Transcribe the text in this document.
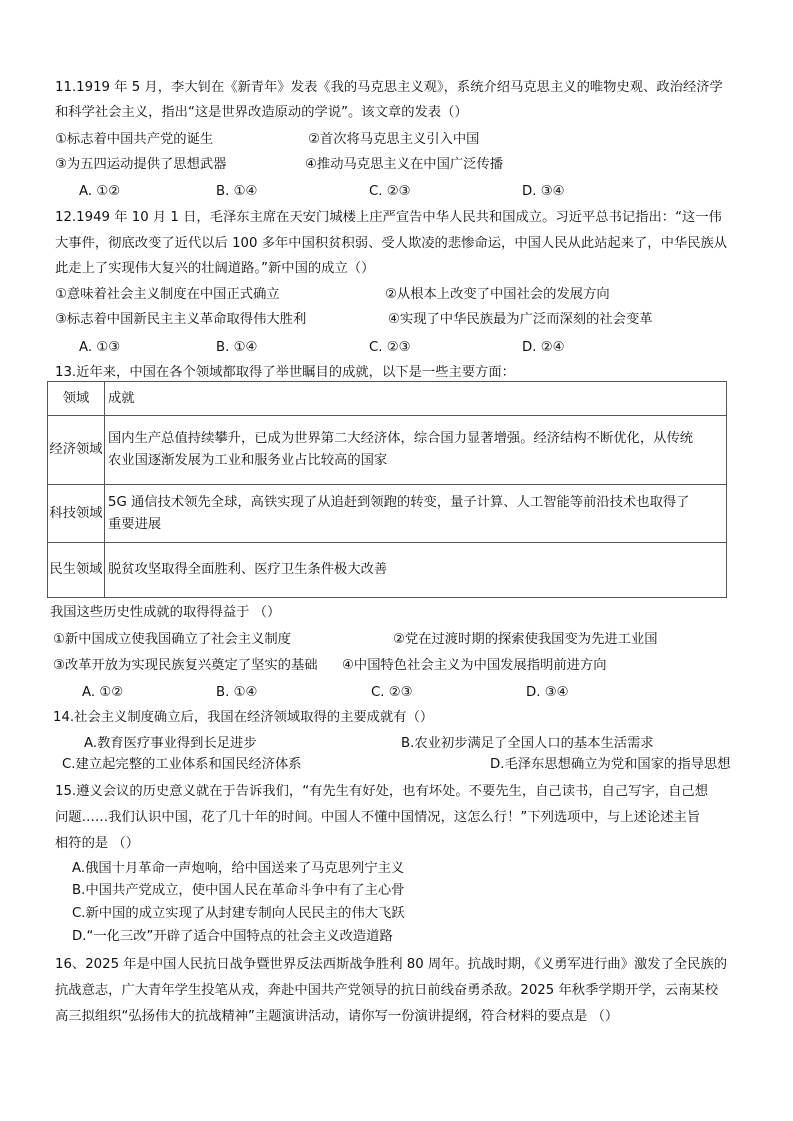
11.1919 年 5 月，李大钊在《新青年》发表《我的马克思主义观》，系统介绍马克思主义的唯物史观、政治经济学

和科学社会主义，指出“这是世界改造原动的学说”。该文章的发表（）

①标志着中国共产党的诞生	②首次将马克思主义引入中国
③为五四运动提供了思想武器	④推动马克思主义在中国广泛传播
A. ①②	B. ①④	C. ②③	D. ③④

12.1949 年 10 月 1 日，毛泽东主席在天安门城楼上庄严宣告中华人民共和国成立。习近平总书记指出：“这一伟

大事件，彻底改变了近代以后 100 多年中国积贫积弱、受人欺凌的悲惨命运，中国人民从此站起来了，中华民族从

此走上了实现伟大复兴的壮阔道路。”新中国的成立（）

①意味着社会主义制度在中国正式确立	②从根本上改变了中国社会的发展方向
③标志着中国新民主主义革命取得伟大胜利	④实现了中华民族最为广泛而深刻的社会变革
A. ①③	B. ①④	C. ②③	D. ②④

13.近年来，中国在各个领域都取得了举世瞩目的成就，以下是一些主要方面：

领域	成就
经济领域	国内生产总值持续攀升，已成为世界第二大经济体，综合国力显著增强。经济结构不断优化，从传统
农业国逐渐发展为工业和服务业占比较高的国家

科技领域	5G 通信技术领先全球，高铁实现了从追赶到领跑的转变，量子计算、人工智能等前沿技术也取得了
重要进展

民生领域	脱贫攻坚取得全面胜利、医疗卫生条件极大改善

我国这些历史性成就的取得得益于 （）

①新中国成立使我国确立了社会主义制度	②党在过渡时期的探索使我国变为先进工业国
③改革开放为实现民族复兴奠定了坚实的基础 ④中国特色社会主义为中国发展指明前进方向
A. ①②	B. ①④	C. ②③	D. ③④

14.社会主义制度确立后，我国在经济领域取得的主要成就有（）

A.教育医疗事业得到长足进步	B.农业初步满足了全国人口的基本生活需求
C.建立起完整的工业体系和国民经济体系	D.毛泽东思想确立为党和国家的指导思想

15.遵义会议的历史意义就在于告诉我们，“有先生有好处，也有坏处。不要先生，自己读书，自己写字，自己想

问题……我们认识中国，花了几十年的时间。中国人不懂中国情况，这怎么行！”下列选项中，与上述论述主旨

相符的是 （）

A.俄国十月革命一声炮响，给中国送来了马克思列宁主义

B.中国共产党成立，使中国人民在革命斗争中有了主心骨

C.新中国的成立实现了从封建专制向人民民主的伟大飞跃

D.“一化三改”开辟了适合中国特点的社会主义改造道路

16、2025 年是中国人民抗日战争暨世界反法西斯战争胜利 80 周年。抗战时期，《义勇军进行曲》激发了全民族的

抗战意志，广大青年学生投笔从戎，奔赴中国共产党领导的抗日前线奋勇杀敌。2025 年秋季学期开学，云南某校

高三拟组织“弘扬伟大的抗战精神”主题演讲活动，请你写一份演讲提纲，符合材料的要点是 （）
